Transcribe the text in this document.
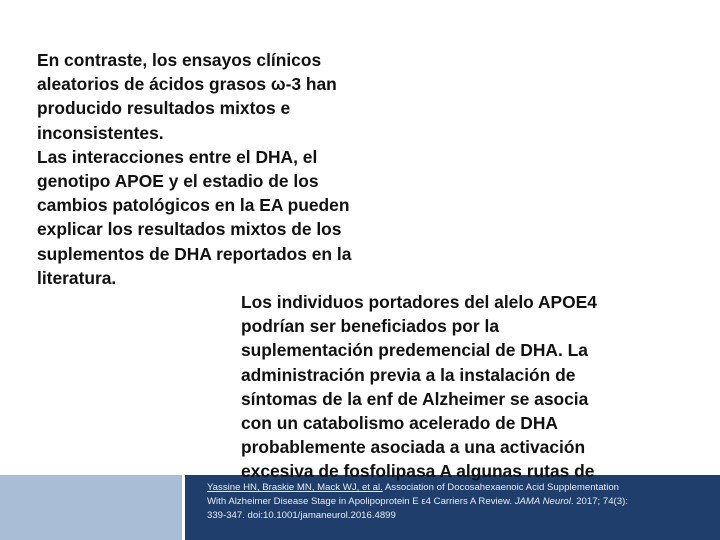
En contraste, los ensayos clínicos
aleatorios de ácidos grasos ω-3 han
producido resultados mixtos e
inconsistentes.
Las interacciones entre el DHA, el
genotipo APOE y el estadio de los
cambios patológicos en la EA pueden
explicar los resultados mixtos de los
suplementos de DHA reportados en la
literatura.
Los individuos portadores del alelo APOE4
podrían ser beneficiados por la
suplementación predemencial de DHA. La
administración previa a la instalación de
síntomas de la enf de Alzheimer se asocia
con un catabolismo acelerado de DHA
probablemente asociada a una activación
excesiva de fosfolipasa A algunas rutas de
Yassine HN, Braskie MN, Mack WJ, et al. Association of Docosahexaenoic Acid Supplementation
With Alzheimer Disease Stage in Apolipoprotein E ε4 Carriers A Review. JAMA Neurol. 2017; 74(3):
339-347. doi:10.1001/jamaneurol.2016.4899
